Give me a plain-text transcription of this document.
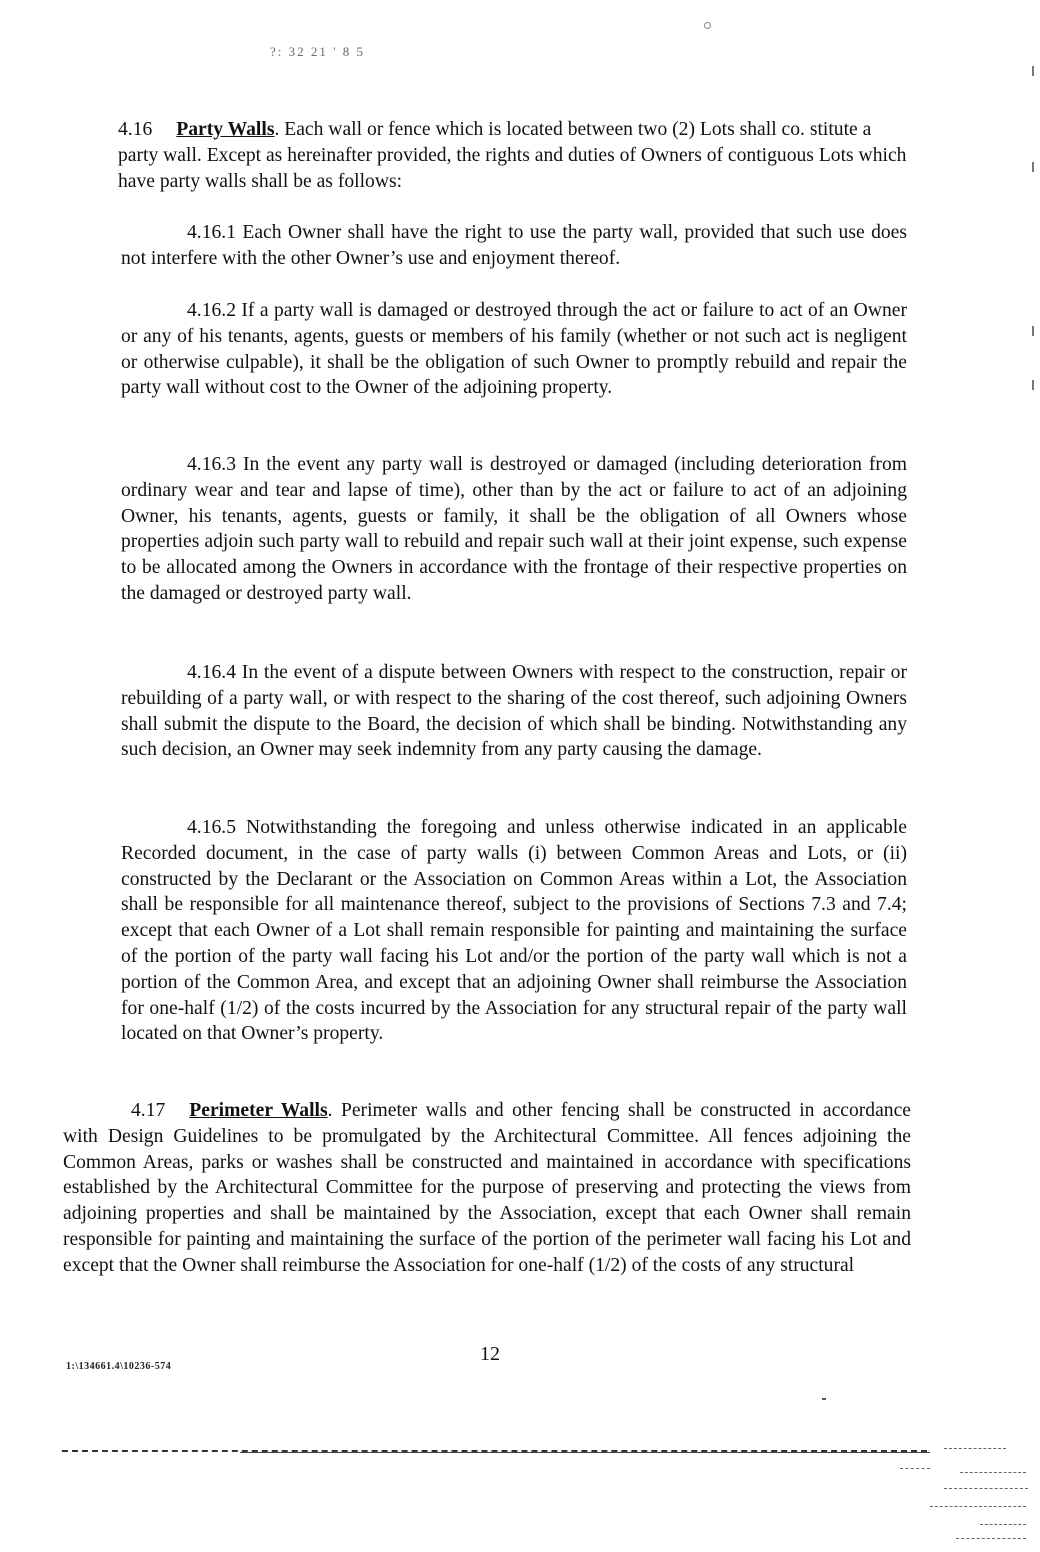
?: 32 21 ' 8 5
4.16 Party Walls. Each wall or fence which is located between two (2) Lots shall co. stitute a party wall. Except as hereinafter provided, the rights and duties of Owners of contiguous Lots which have party walls shall be as follows:
4.16.1 Each Owner shall have the right to use the party wall, provided that such use does not interfere with the other Owner’s use and enjoyment thereof.
4.16.2 If a party wall is damaged or destroyed through the act or failure to act of an Owner or any of his tenants, agents, guests or members of his family (whether or not such act is negligent or otherwise culpable), it shall be the obligation of such Owner to promptly rebuild and repair the party wall without cost to the Owner of the adjoining property.
4.16.3 In the event any party wall is destroyed or damaged (including deterioration from ordinary wear and tear and lapse of time), other than by the act or failure to act of an adjoining Owner, his tenants, agents, guests or family, it shall be the obligation of all Owners whose properties adjoin such party wall to rebuild and repair such wall at their joint expense, such expense to be allocated among the Owners in accordance with the frontage of their respective properties on the damaged or destroyed party wall.
4.16.4 In the event of a dispute between Owners with respect to the construction, repair or rebuilding of a party wall, or with respect to the sharing of the cost thereof, such adjoining Owners shall submit the dispute to the Board, the decision of which shall be binding. Notwithstanding any such decision, an Owner may seek indemnity from any party causing the damage.
4.16.5 Notwithstanding the foregoing and unless otherwise indicated in an applicable Recorded document, in the case of party walls (i) between Common Areas and Lots, or (ii) constructed by the Declarant or the Association on Common Areas within a Lot, the Association shall be responsible for all maintenance thereof, subject to the provisions of Sections 7.3 and 7.4; except that each Owner of a Lot shall remain responsible for painting and maintaining the surface of the portion of the party wall facing his Lot and/or the portion of the party wall which is not a portion of the Common Area, and except that an adjoining Owner shall reimburse the Association for one-half (1/2) of the costs incurred by the Association for any structural repair of the party wall located on that Owner’s property.
4.17 Perimeter Walls. Perimeter walls and other fencing shall be constructed in accordance with Design Guidelines to be promulgated by the Architectural Committee. All fences adjoining the Common Areas, parks or washes shall be constructed and maintained in accordance with specifications established by the Architectural Committee for the purpose of preserving and protecting the views from adjoining properties and shall be maintained by the Association, except that each Owner shall remain responsible for painting and maintaining the surface of the portion of the perimeter wall facing his Lot and except that the Owner shall reimburse the Association for one-half (1/2) of the costs of any structural
1:\134661.4\10236-574
12
